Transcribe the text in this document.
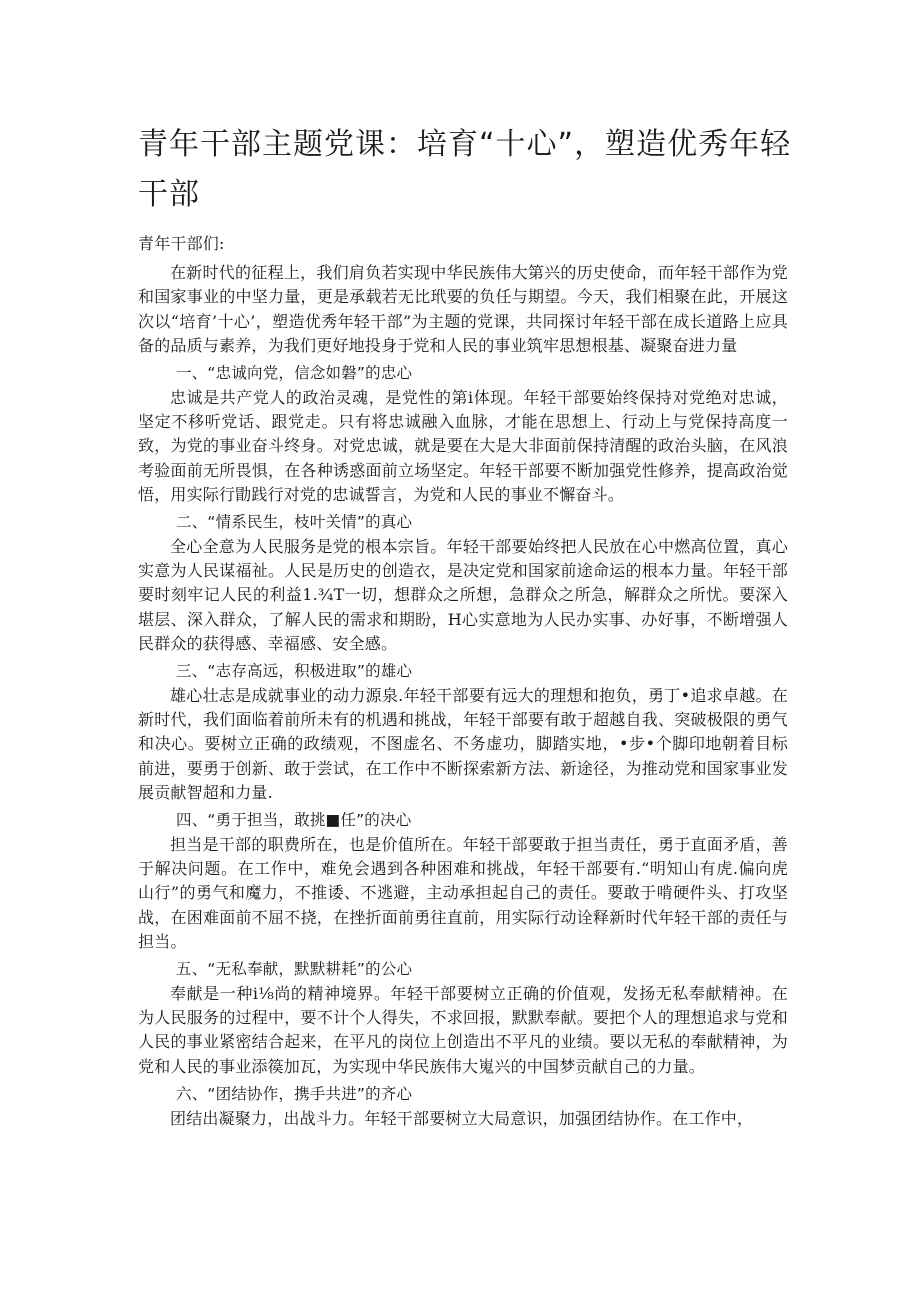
青年干部主题党课：培育“十心”，塑造优秀年轻干部

青年干部们:

在新时代的征程上，我们肩负若实现中华民族伟大第兴的历史使命，而年轻干部作为党和国家事业的中坚力量，更是承载若无比玳要的负任与期望。今天，我们相聚在此，开展这次以“培育’十心’，塑造优秀年轻干部”为主题的党课，共同探讨年轻干部在成长道路上应具备的品质与素养，为我们更好地投身于党和人民的事业筑牢思想根基、凝聚奋进力量

一、“忠诚向党，信念如磐”的忠心

忠诚是共产党人的政治灵魂，是党性的第i体现。年轻干部要始终保持对党绝对忠诚，坚定不移听党话、跟党走。只有将忠诚融入血脉，才能在思想上、行动上与党保持高度一致，为党的事业奋斗终身。对党忠诚，就是要在大是大非面前保持清醒的政治头脑，在风浪考验面前无所畏惧，在各种诱惑面前立场坚定。年轻干部要不断加强党性修养，提高政治觉悟，用实际行勖践行对党的忠诚誓言，为党和人民的事业不懈奋斗。

二、“情系民生，枝叶关情”的真心

全心全意为人民服务是党的根本宗旨。年轻干部要始终把人民放在心中燃高位置，真心实意为人民谋福祉。人民是历史的创造衣，是决定党和国家前途命运的根本力量。年轻干部要时刻牢记人民的利益1.¾T一切，想群众之所想，急群众之所急，解群众之所忧。要深入堪层、深入群众，了解人民的需求和期盼，H心实意地为人民办实事、办好事，不断增强人民群众的获得感、幸福感、安全感。

三、“志存高远，积极进取”的雄心

雄心壮志是成就事业的动力源泉.年轻干部要有远大的理想和抱负，勇丁•追求卓越。在新时代，我们面临着前所未有的机遇和挑战，年轻干部要有敢于超越自我、突破极限的勇气和决心。要树立正确的政绩观，不图虚名、不务虚功，脚踏实地，•步•个脚印地朝着目标前进，要勇于创新、敢于尝试，在工作中不断探索新方法、新途径，为推动党和国家事业发展贡献智超和力量.

四、“勇于担当，敢挑■任”的决心

担当是干部的职费所在，也是价值所在。年轻干部要敢于担当责任，勇于直面矛盾，善于解决问题。在工作中，难免会遇到各种困难和挑战，年轻干部要有.“明知山有虎.偏向虎山行”的勇气和魔力，不推诿、不逃避，主动承担起自己的责任。要敢于啃硬件头、打攻坚战，在困难面前不屈不挠，在挫折面前勇往直前，用实际行动诠释新时代年轻干部的责任与担当。

五、“无私奉献，默默耕耗”的公心

奉献是一种i⅛尚的精神境界。年轻干部要树立正确的价值观，发扬无私奉献精神。在为人民服务的过程中，要不计个人得失，不求回报，默默奉献。要把个人的理想追求与党和人民的事业紧密结合起来，在平凡的岗位上创造出不平凡的业绩。要以无私的奉献精神，为党和人民的事业添篌加瓦，为实现中华民族伟大嵬兴的中国梦贡献自己的力量。

六、“团结协作，携手共进”的齐心

团结出凝聚力，出战斗力。年轻干部要树立大局意识，加强团结协作。在工作中，
